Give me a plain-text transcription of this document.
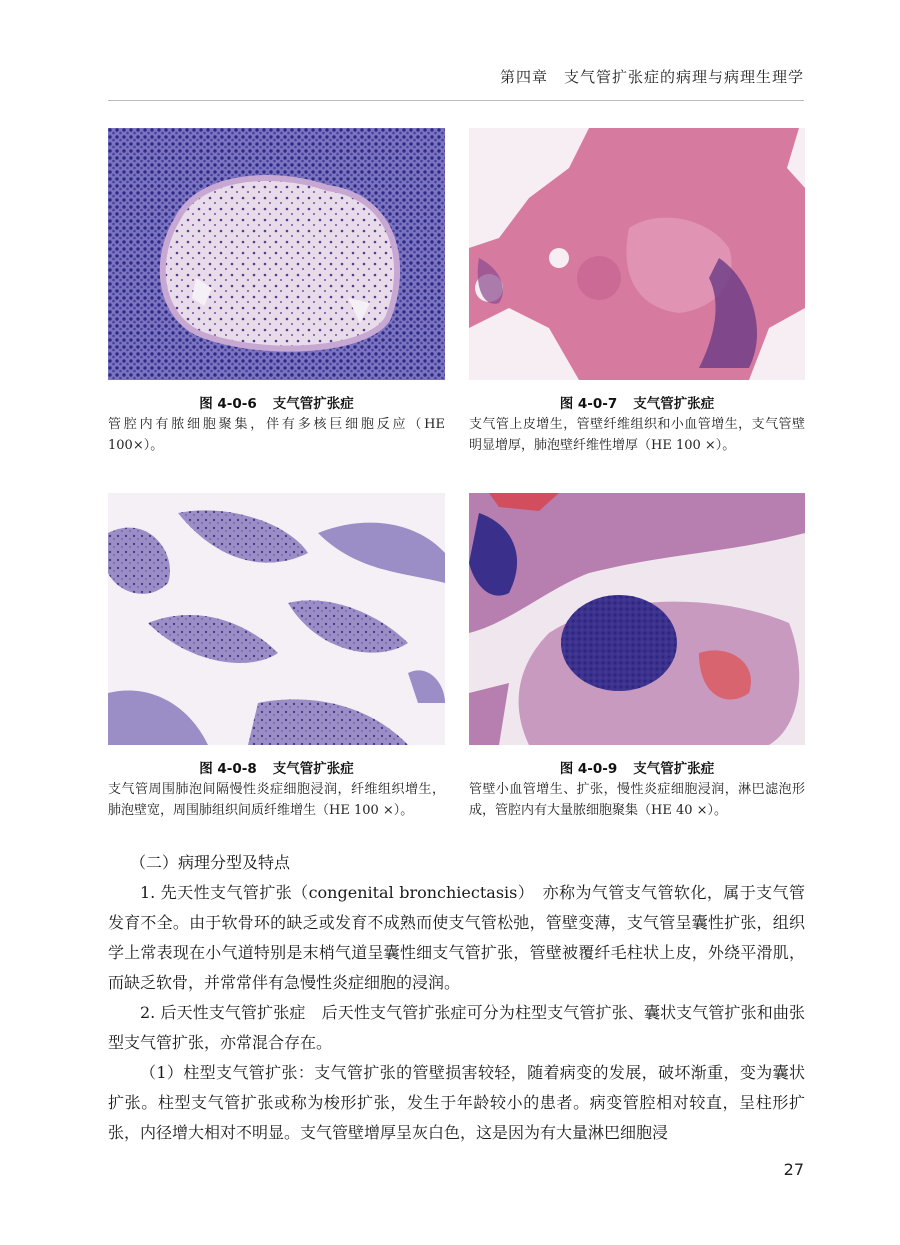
第四章　支气管扩张症的病理与病理生理学
图 4-0-6 支气管扩张症
管腔内有脓细胞聚集，伴有多核巨细胞反应（HE 100×）。
图 4-0-7 支气管扩张症
支气管上皮增生，管壁纤维组织和小血管增生，支气管壁明显增厚，肺泡壁纤维性增厚（HE 100 ×）。
图 4-0-8 支气管扩张症
支气管周围肺泡间隔慢性炎症细胞浸润，纤维组织增生，肺泡壁宽，周围肺组织间质纤维增生（HE 100 ×）。
图 4-0-9 支气管扩张症
管壁小血管增生、扩张，慢性炎症细胞浸润，淋巴滤泡形成，管腔内有大量脓细胞聚集（HE 40 ×）。
（二）病理分型及特点
1. 先天性支气管扩张（congenital bronchiectasis）　亦称为气管支气管软化，属于支气管发育不全。由于软骨环的缺乏或发育不成熟而使支气管松弛，管壁变薄，支气管呈囊性扩张，组织学上常表现在小气道特别是末梢气道呈囊性细支气管扩张，管壁被覆纤毛柱状上皮，外绕平滑肌，而缺乏软骨，并常常伴有急慢性炎症细胞的浸润。
2. 后天性支气管扩张症　后天性支气管扩张症可分为柱型支气管扩张、囊状支气管扩张和曲张型支气管扩张，亦常混合存在。
（1）柱型支气管扩张：支气管扩张的管壁损害较轻，随着病变的发展，破坏渐重，变为囊状扩张。柱型支气管扩张或称为梭形扩张，发生于年龄较小的患者。病变管腔相对较直，呈柱形扩张，内径增大相对不明显。支气管壁增厚呈灰白色，这是因为有大量淋巴细胞浸
27
